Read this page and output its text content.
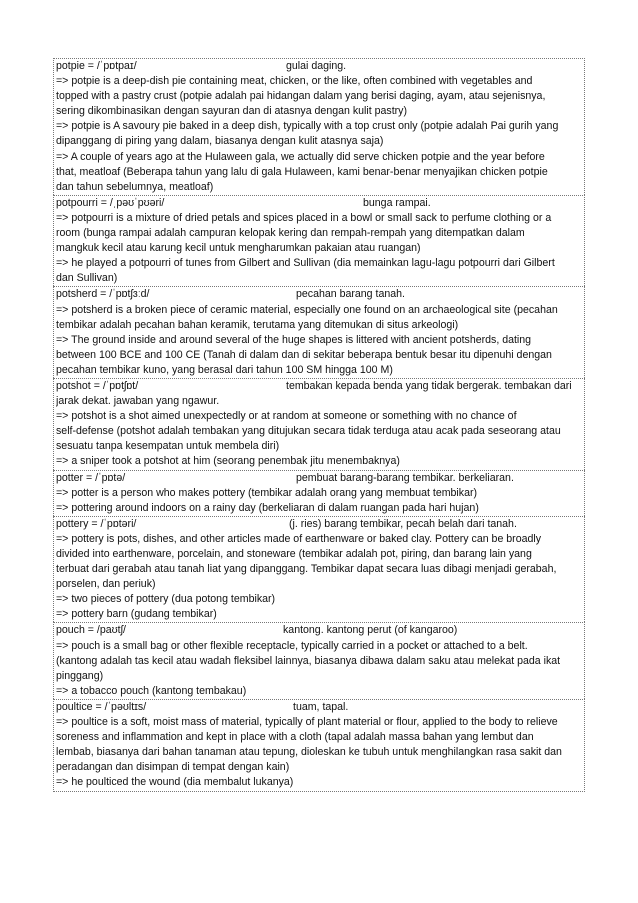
potpie = /ˈpɒtpaɪ/	gulai daging.
=> potpie is a deep-dish pie containing meat, chicken, or the like, often combined with vegetables and
topped with a pastry crust (potpie adalah pai hidangan dalam yang berisi daging, ayam, atau sejenisnya,
sering dikombinasikan dengan sayuran dan di atasnya dengan kulit pastry)
=> potpie is A savoury pie baked in a deep dish, typically with a top crust only (potpie adalah Pai gurih yang
dipanggang di piring yang dalam, biasanya dengan kulit atasnya saja)
=> A couple of years ago at the Hulaween gala, we actually did serve chicken potpie and the year before
that, meatloaf (Beberapa tahun yang lalu di gala Hulaween, kami benar-benar menyajikan chicken potpie
dan tahun sebelumnya, meatloaf)
potpourri = /ˌpəʊˈpʊəri/	bunga rampai.
=> potpourri is a mixture of dried petals and spices placed in a bowl or small sack to perfume clothing or a
room (bunga rampai adalah campuran kelopak kering dan rempah-rempah yang ditempatkan dalam
mangkuk kecil atau karung kecil untuk mengharumkan pakaian atau ruangan)
=> he played a potpourri of tunes from Gilbert and Sullivan (dia memainkan lagu-lagu potpourri dari Gilbert
dan Sullivan)
potsherd = /ˈpɒtʃɜːd/	pecahan barang tanah.
=> potsherd is a broken piece of ceramic material, especially one found on an archaeological site (pecahan
tembikar adalah pecahan bahan keramik, terutama yang ditemukan di situs arkeologi)
=> The ground inside and around several of the huge shapes is littered with ancient potsherds, dating
between 100 BCE and 100 CE (Tanah di dalam dan di sekitar beberapa bentuk besar itu dipenuhi dengan
pecahan tembikar kuno, yang berasal dari tahun 100 SM hingga 100 M)
potshot = /ˈpɒtʃɒt/	tembakan kepada benda yang tidak bergerak. tembakan dari
jarak dekat. jawaban yang ngawur.
=> potshot is a shot aimed unexpectedly or at random at someone or something with no chance of
self-defense (potshot adalah tembakan yang ditujukan secara tidak terduga atau acak pada seseorang atau
sesuatu tanpa kesempatan untuk membela diri)
=> a sniper took a potshot at him (seorang penembak jitu menembaknya)
potter = /ˈpɒtə/	pembuat barang-barang tembikar. berkeliaran.
=> potter is a person who makes pottery (tembikar adalah orang yang membuat tembikar)
=> pottering around indoors on a rainy day (berkeliaran di dalam ruangan pada hari hujan)
pottery = /ˈpɒtəri/	(j. ries) barang tembikar, pecah belah dari tanah.
=> pottery is pots, dishes, and other articles made of earthenware or baked clay. Pottery can be broadly
divided into earthenware, porcelain, and stoneware (tembikar adalah pot, piring, dan barang lain yang
terbuat dari gerabah atau tanah liat yang dipanggang. Tembikar dapat secara luas dibagi menjadi gerabah,
porselen, dan periuk)
=> two pieces of pottery (dua potong tembikar)
=> pottery barn (gudang tembikar)
pouch = /paʊtʃ/	kantong. kantong perut (of kangaroo)
=> pouch is a small bag or other flexible receptacle, typically carried in a pocket or attached to a belt.
(kantong adalah tas kecil atau wadah fleksibel lainnya, biasanya dibawa dalam saku atau melekat pada ikat
pinggang)
=> a tobacco pouch (kantong tembakau)
poultice = /ˈpəʊltɪs/	tuam, tapal.
=> poultice is a soft, moist mass of material, typically of plant material or flour, applied to the body to relieve
soreness and inflammation and kept in place with a cloth (tapal adalah massa bahan yang lembut dan
lembab, biasanya dari bahan tanaman atau tepung, dioleskan ke tubuh untuk menghilangkan rasa sakit dan
peradangan dan disimpan di tempat dengan kain)
=> he poulticed the wound (dia membalut lukanya)
